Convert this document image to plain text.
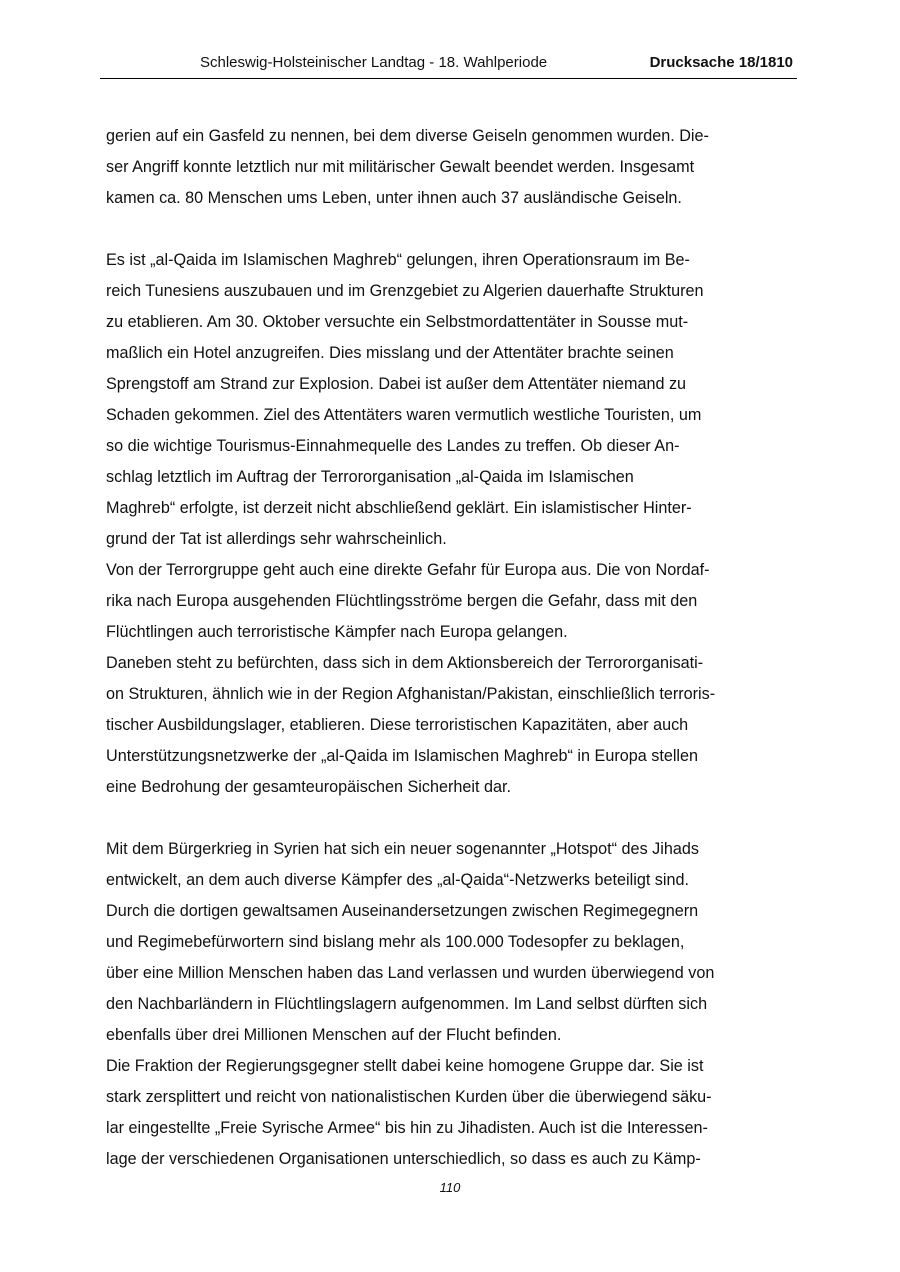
Schleswig-Holsteinischer Landtag - 18. Wahlperiode	Drucksache 18/1810
gerien auf ein Gasfeld zu nennen, bei dem diverse Geiseln genommen wurden. Die-
ser Angriff konnte letztlich nur mit militärischer Gewalt beendet werden. Insgesamt
kamen ca. 80 Menschen ums Leben, unter ihnen auch 37 ausländische Geiseln.
Es ist „al-Qaida im Islamischen Maghreb“ gelungen, ihren Operationsraum im Be-
reich Tunesiens auszubauen und im Grenzgebiet zu Algerien dauerhafte Strukturen
zu etablieren. Am 30. Oktober versuchte ein Selbstmordattentäter in Sousse mut-
maßlich ein Hotel anzugreifen. Dies misslang und der Attentäter brachte seinen
Sprengstoff am Strand zur Explosion. Dabei ist außer dem Attentäter niemand zu
Schaden gekommen. Ziel des Attentäters waren vermutlich westliche Touristen, um
so die wichtige Tourismus-Einnahmequelle des Landes zu treffen. Ob dieser An-
schlag letztlich im Auftrag der Terrororganisation „al-Qaida im Islamischen
Maghreb“ erfolgte, ist derzeit nicht abschließend geklärt. Ein islamistischer Hinter-
grund der Tat ist allerdings sehr wahrscheinlich.
Von der Terrorgruppe geht auch eine direkte Gefahr für Europa aus. Die von Nordaf-
rika nach Europa ausgehenden Flüchtlingsströme bergen die Gefahr, dass mit den
Flüchtlingen auch terroristische Kämpfer nach Europa gelangen.
Daneben steht zu befürchten, dass sich in dem Aktionsbereich der Terrororganisati-
on Strukturen, ähnlich wie in der Region Afghanistan/Pakistan, einschließlich terroris-
tischer Ausbildungslager, etablieren. Diese terroristischen Kapazitäten, aber auch
Unterstützungsnetzwerke der „al-Qaida im Islamischen Maghreb“ in Europa stellen
eine Bedrohung der gesamteuropäischen Sicherheit dar.
Mit dem Bürgerkrieg in Syrien hat sich ein neuer sogenannter „Hotspot“ des Jihads
entwickelt, an dem auch diverse Kämpfer des „al-Qaida“-Netzwerks beteiligt sind.
Durch die dortigen gewaltsamen Auseinandersetzungen zwischen Regimegegnern
und Regimebefürwortern sind bislang mehr als 100.000 Todesopfer zu beklagen,
über eine Million Menschen haben das Land verlassen und wurden überwiegend von
den Nachbarländern in Flüchtlingslagern aufgenommen. Im Land selbst dürften sich
ebenfalls über drei Millionen Menschen auf der Flucht befinden.
Die Fraktion der Regierungsgegner stellt dabei keine homogene Gruppe dar. Sie ist
stark zersplittert und reicht von nationalistischen Kurden über die überwiegend säku-
lar eingestellte „Freie Syrische Armee“ bis hin zu Jihadisten. Auch ist die Interessen-
lage der verschiedenen Organisationen unterschiedlich, so dass es auch zu Kämp-
110
